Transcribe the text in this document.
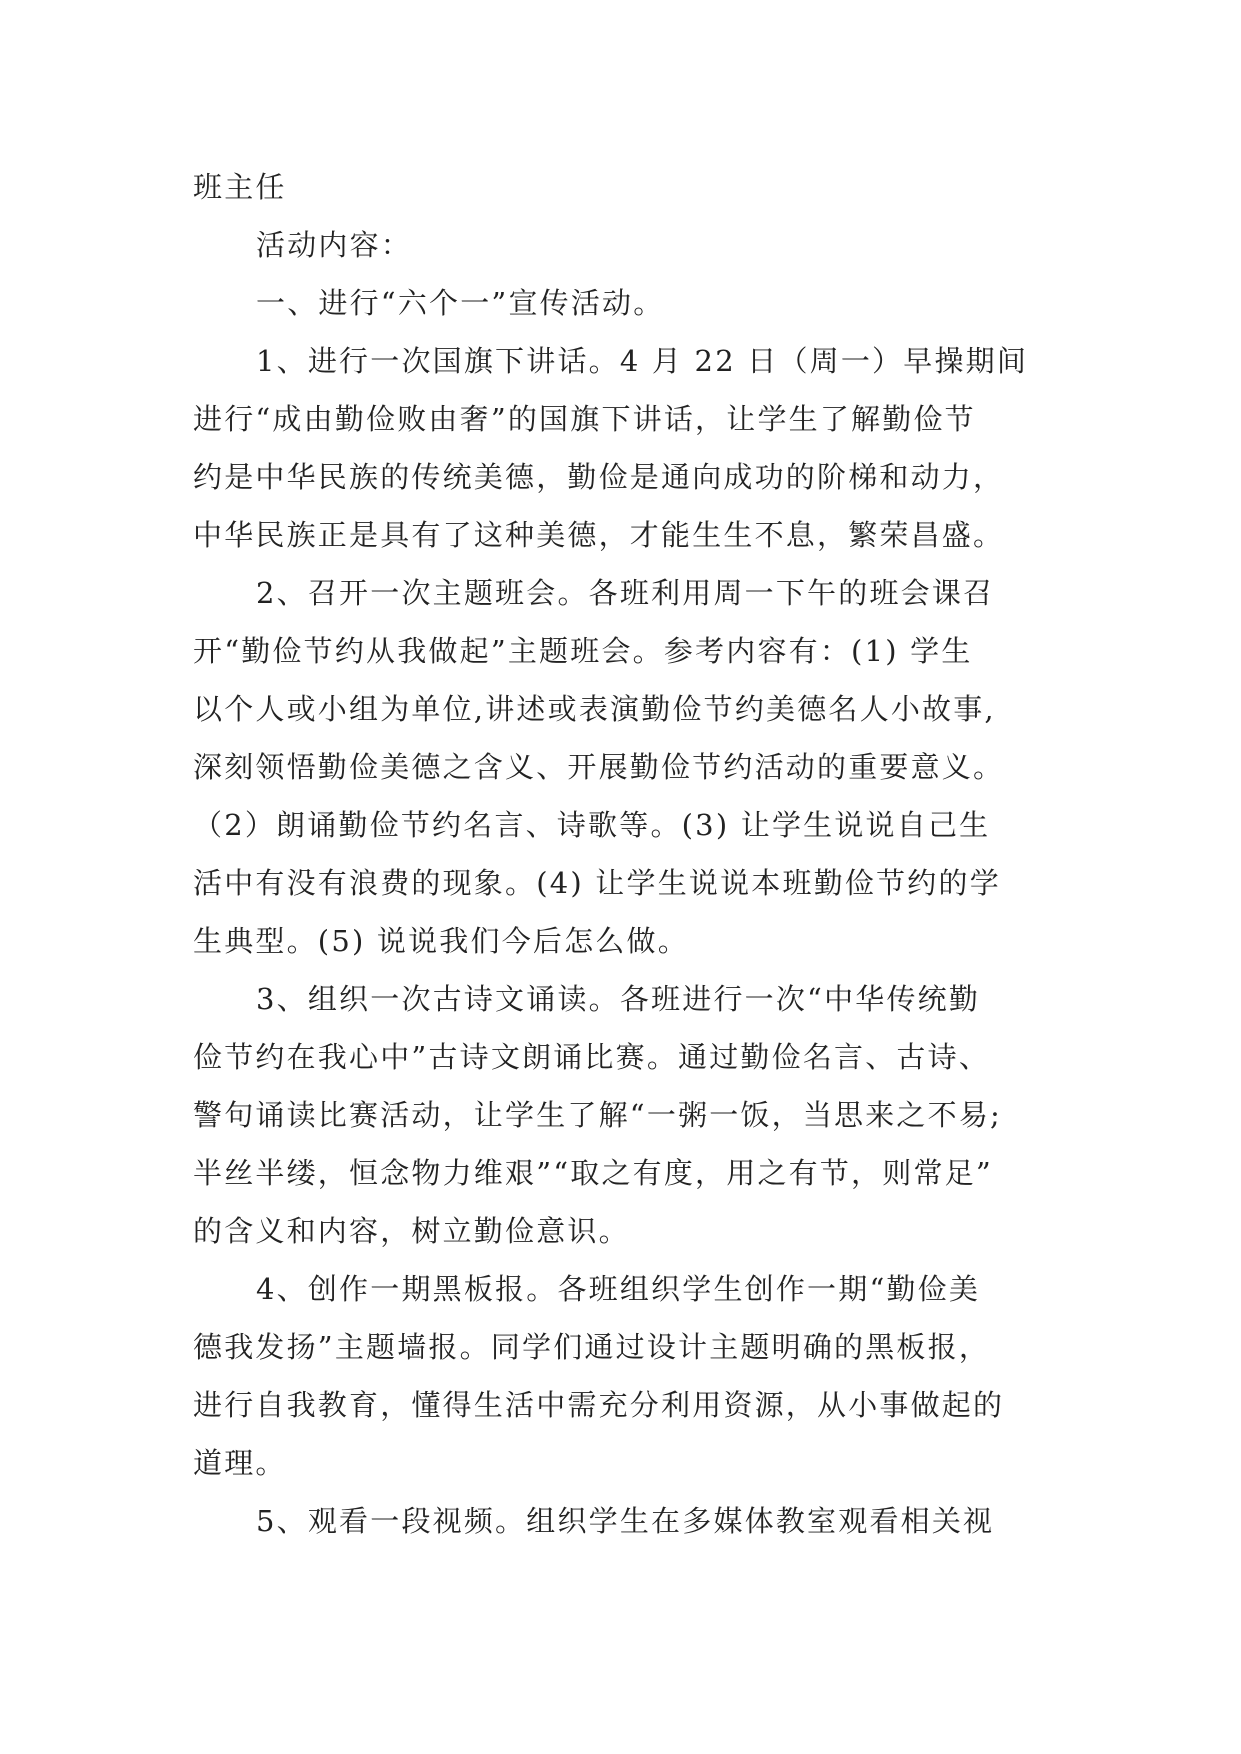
班主任
活动内容：
一、进行“六个一”宣传活动。
1、进行一次国旗下讲话。4 月 22 日（周一）早操期间
进行“成由勤俭败由奢”的国旗下讲话，让学生了解勤俭节
约是中华民族的传统美德，勤俭是通向成功的阶梯和动力，
中华民族正是具有了这种美德，才能生生不息，繁荣昌盛。
2、召开一次主题班会。各班利用周一下午的班会课召
开“勤俭节约从我做起”主题班会。参考内容有：(1) 学生
以个人或小组为单位,讲述或表演勤俭节约美德名人小故事,
深刻领悟勤俭美德之含义、开展勤俭节约活动的重要意义。
（2）朗诵勤俭节约名言、诗歌等。(3) 让学生说说自己生
活中有没有浪费的现象。(4) 让学生说说本班勤俭节约的学
生典型。(5) 说说我们今后怎么做。
3、组织一次古诗文诵读。各班进行一次“中华传统勤
俭节约在我心中”古诗文朗诵比赛。通过勤俭名言、古诗、
警句诵读比赛活动，让学生了解“一粥一饭，当思来之不易;
半丝半缕，恒念物力维艰”“取之有度，用之有节，则常足”
的含义和内容，树立勤俭意识。
4、创作一期黑板报。各班组织学生创作一期“勤俭美
德我发扬”主题墙报。同学们通过设计主题明确的黑板报，
进行自我教育，懂得生活中需充分利用资源，从小事做起的
道理。
5、观看一段视频。组织学生在多媒体教室观看相关视
